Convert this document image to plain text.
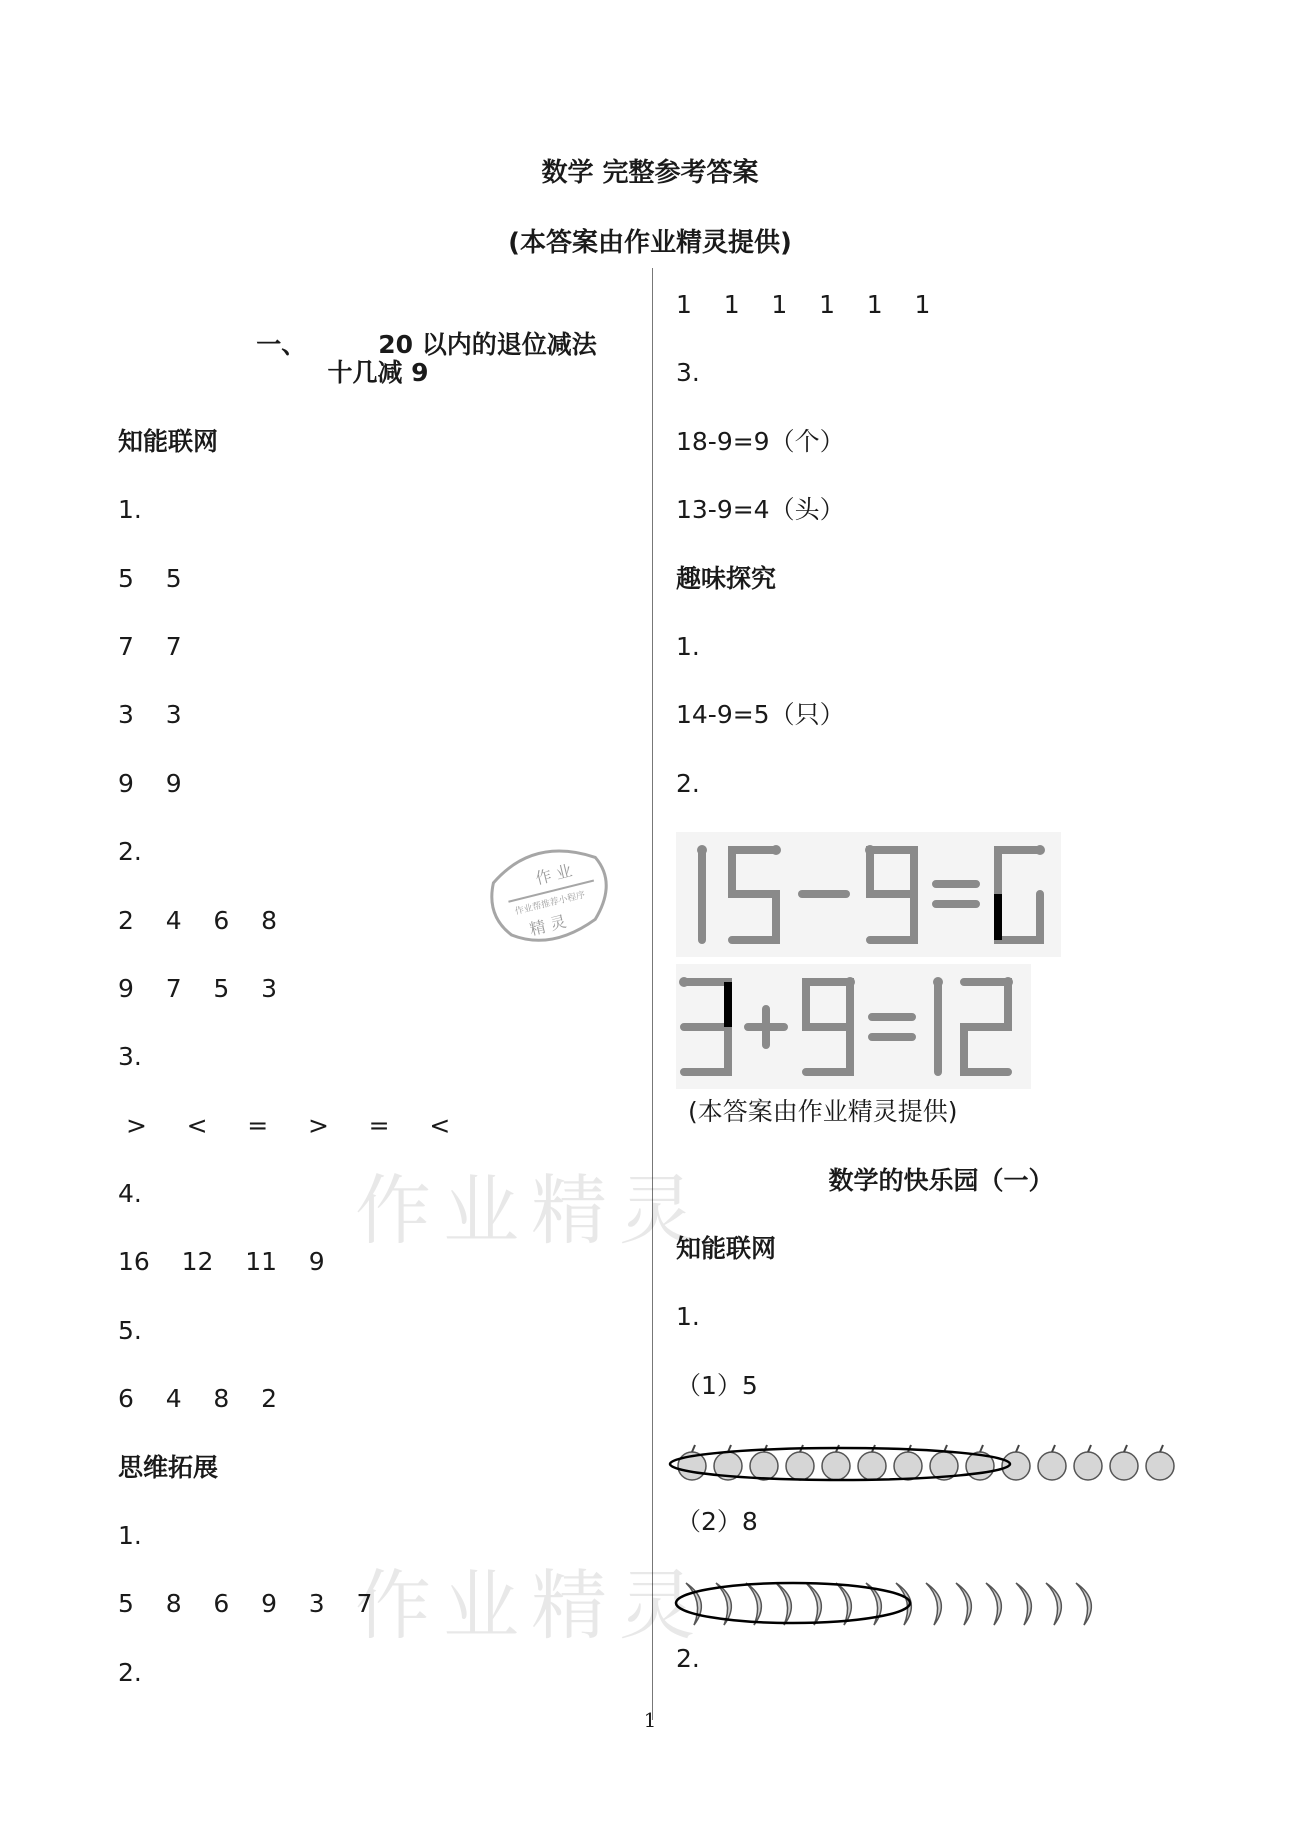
数学 完整参考答案
(本答案由作业精灵提供)

一、	20 以内的退位减法

十几减 9
知能联网
1.
5    5
7    7
3    3
9    9
2.
2    4    6    8
9    7    5    3
3.
>     <     =     >     =     <
4.
16    12    11    9
5.
6    4    8    2
思维拓展
1.
5    8    6    9    3    7
2.
1    1    1    1    1    1
3.
18-9=9（个）
13-9=4（头）
趣味探究
1.
14-9=5（只）
2.
(本答案由作业精灵提供)
数学的快乐园（一）
知能联网
1.
（1）5
（2）8
2.
作业精灵
作业精灵
作 业
作业帮推荐小程序
精 灵
1
